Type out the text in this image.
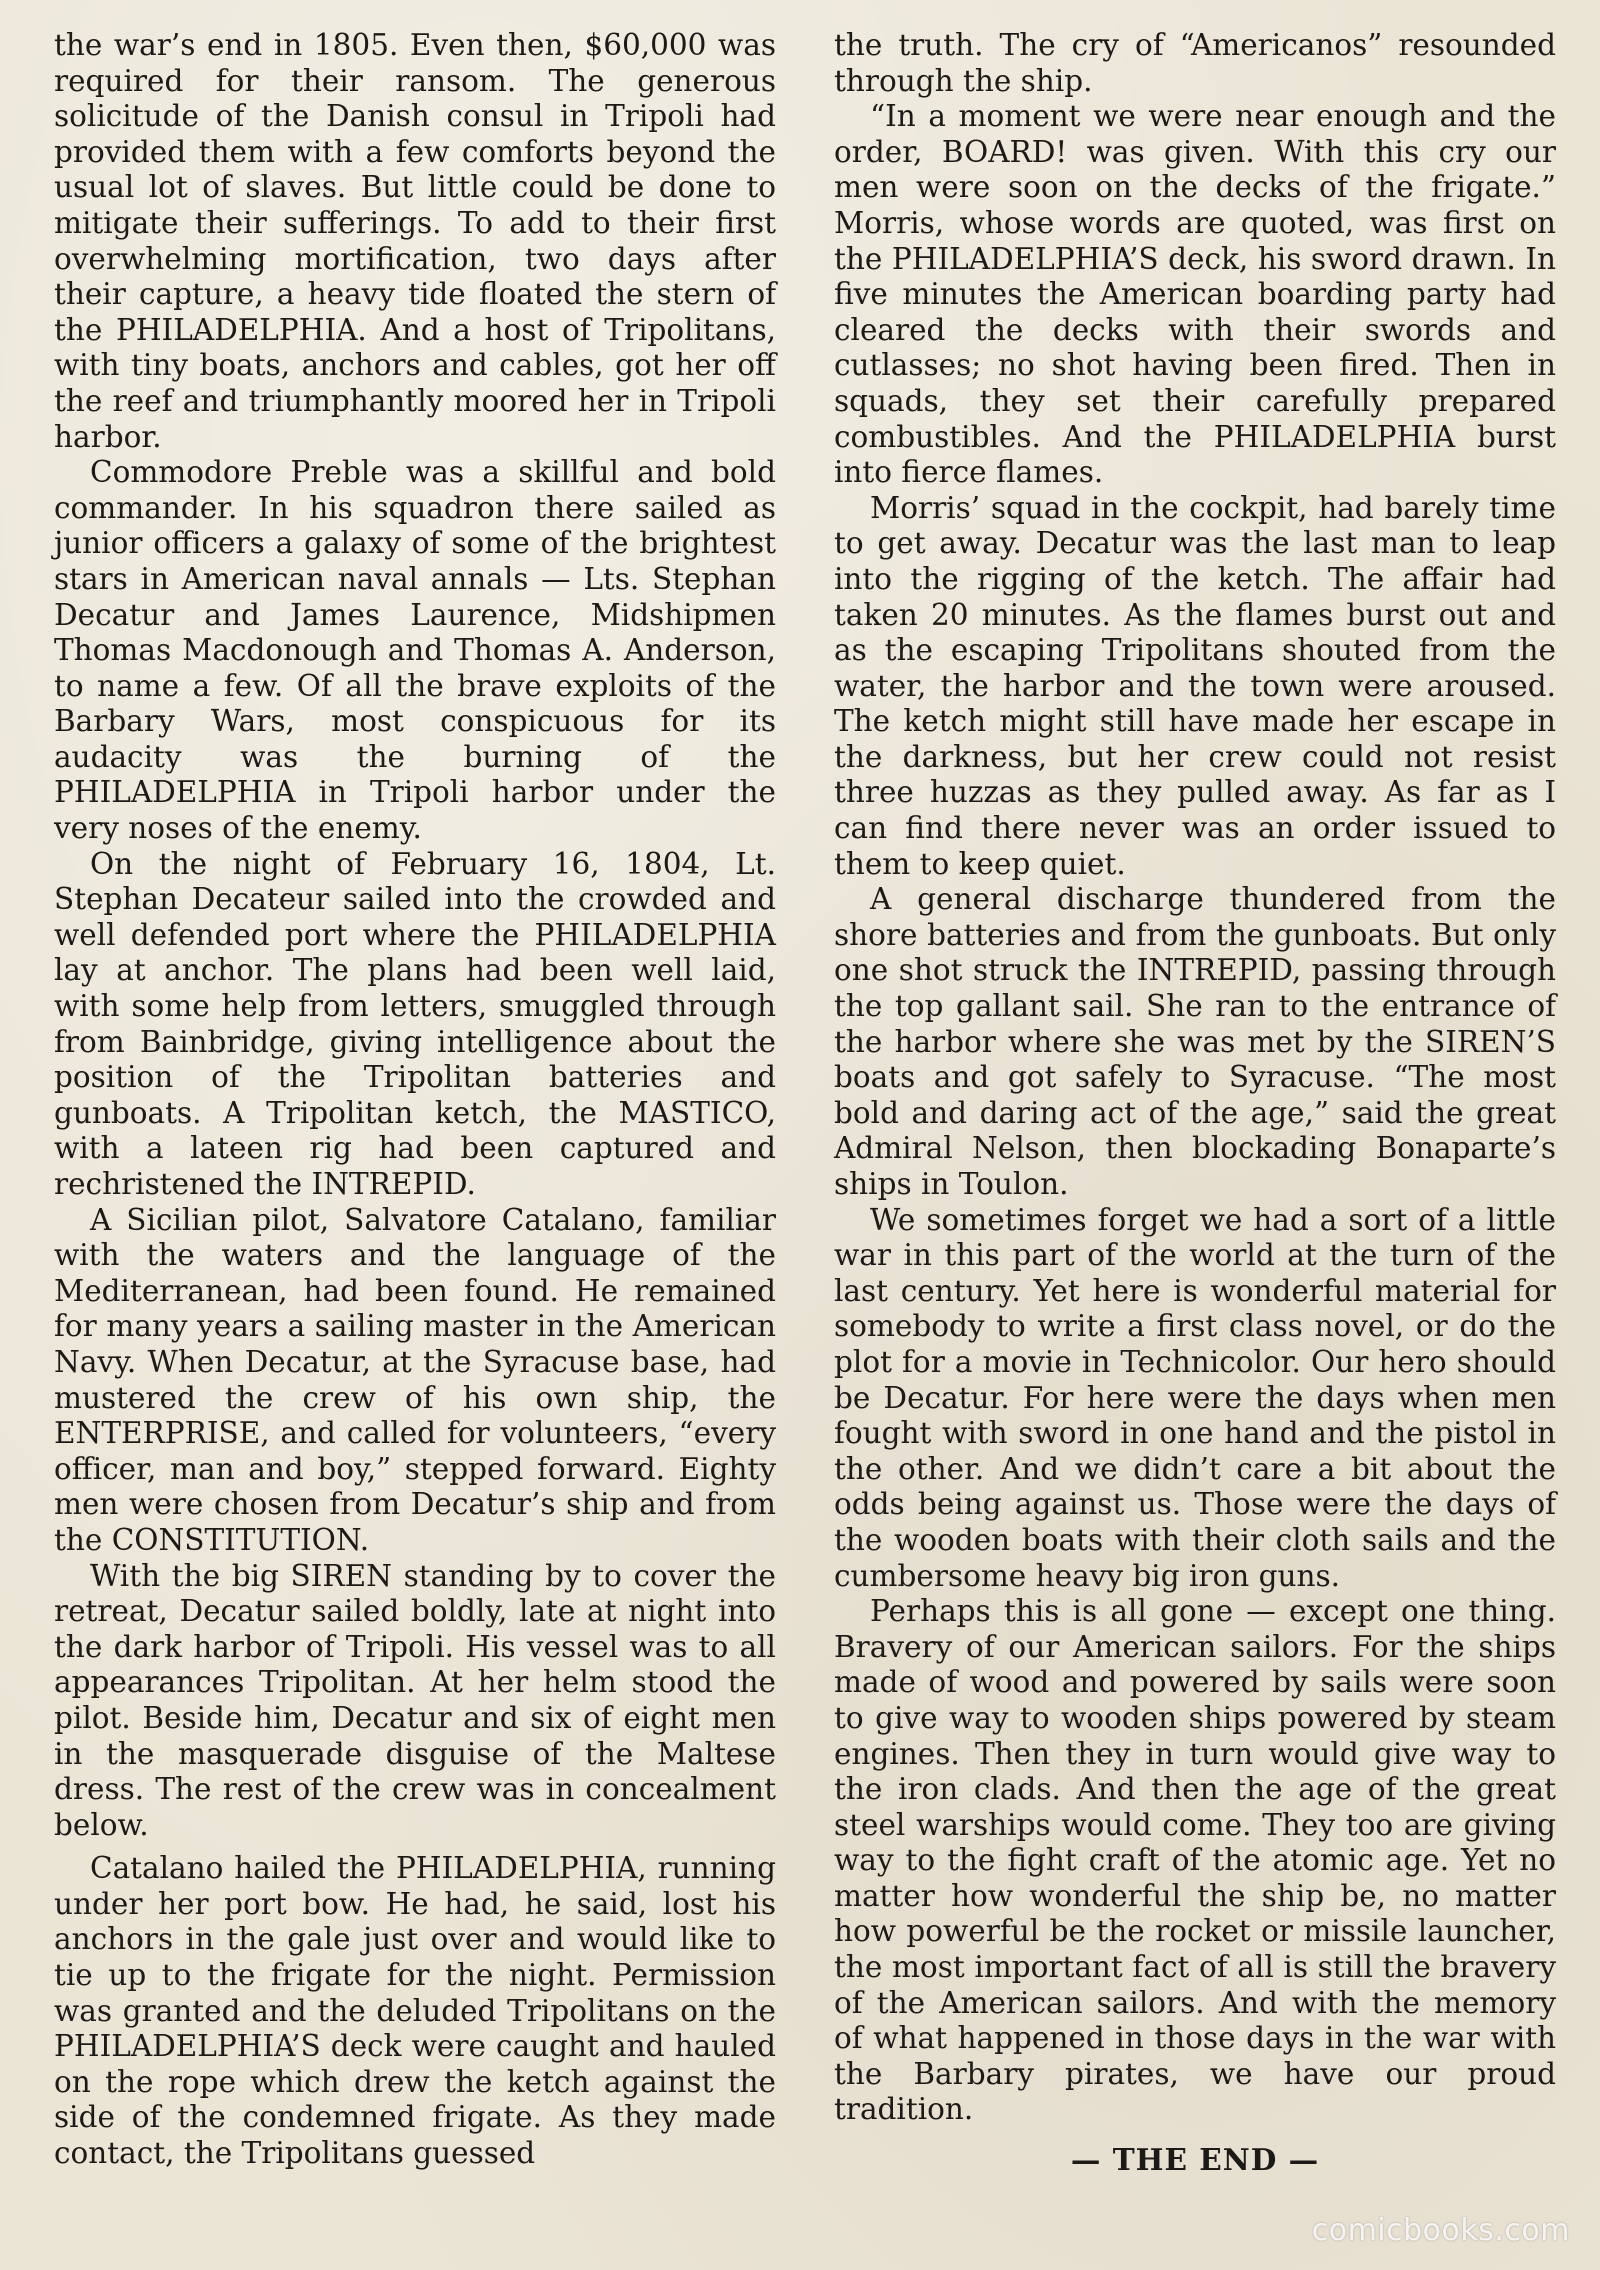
the war’s end in 1805. Even then, $60,000 was required for their ransom. The generous solicitude of the Danish consul in Tripoli had provided them with a few comforts beyond the usual lot of slaves. But little could be done to mitigate their sufferings. To add to their first overwhelming mortification, two days after their capture, a heavy tide floated the stern of the PHILADELPHIA. And a host of Tripolitans, with tiny boats, anchors and cables, got her off the reef and triumphantly moored her in Tripoli harbor.

Commodore Preble was a skillful and bold commander. In his squadron there sailed as junior officers a galaxy of some of the brightest stars in American naval annals — Lts. Stephan Decatur and James Laurence, Midshipmen Thomas Macdonough and Thomas A. Anderson, to name a few. Of all the brave exploits of the Barbary Wars, most conspicuous for its audacity was the burning of the PHILADELPHIA in Tripoli harbor under the very noses of the enemy.

On the night of February 16, 1804, Lt. Stephan Decateur sailed into the crowded and well defended port where the PHILADELPHIA lay at anchor. The plans had been well laid, with some help from letters, smuggled through from Bainbridge, giving intelligence about the position of the Tripolitan batteries and gunboats. A Tripolitan ketch, the MASTICO, with a lateen rig had been captured and rechristened the INTREPID.

A Sicilian pilot, Salvatore Catalano, familiar with the waters and the language of the Mediterranean, had been found. He remained for many years a sailing master in the American Navy. When Decatur, at the Syracuse base, had mustered the crew of his own ship, the ENTERPRISE, and called for volunteers, “every officer, man and boy,” stepped forward. Eighty men were chosen from Decatur’s ship and from the CONSTITUTION.

With the big SIREN standing by to cover the retreat, Decatur sailed boldly, late at night into the dark harbor of Tripoli. His vessel was to all appearances Tripolitan. At her helm stood the pilot. Beside him, Decatur and six of eight men in the masquerade disguise of the Maltese dress. The rest of the crew was in concealment below.

Catalano hailed the PHILADELPHIA, running under her port bow. He had, he said, lost his anchors in the gale just over and would like to tie up to the frigate for the night. Permission was granted and the deluded Tripolitans on the PHILADELPHIA’S deck were caught and hauled on the rope which drew the ketch against the side of the condemned frigate. As they made contact, the Tripolitans guessed

the truth. The cry of “Americanos” resounded through the ship.

“In a moment we were near enough and the order, BOARD! was given. With this cry our men were soon on the decks of the frigate.” Morris, whose words are quoted, was first on the PHILADELPHIA’S deck, his sword drawn. In five minutes the American boarding party had cleared the decks with their swords and cutlasses; no shot having been fired. Then in squads, they set their carefully prepared combustibles. And the PHILADELPHIA burst into fierce flames.

Morris’ squad in the cockpit, had barely time to get away. Decatur was the last man to leap into the rigging of the ketch. The affair had taken 20 minutes. As the flames burst out and as the escaping Tripolitans shouted from the water, the harbor and the town were aroused. The ketch might still have made her escape in the darkness, but her crew could not resist three huzzas as they pulled away. As far as I can find there never was an order issued to them to keep quiet.

A general discharge thundered from the shore batteries and from the gunboats. But only one shot struck the INTREPID, passing through the top gallant sail. She ran to the entrance of the harbor where she was met by the SIREN’S boats and got safely to Syracuse. “The most bold and daring act of the age,” said the great Admiral Nelson, then blockading Bonaparte’s ships in Toulon.

We sometimes forget we had a sort of a little war in this part of the world at the turn of the last century. Yet here is wonderful material for somebody to write a first class novel, or do the plot for a movie in Technicolor. Our hero should be Decatur. For here were the days when men fought with sword in one hand and the pistol in the other. And we didn’t care a bit about the odds being against us. Those were the days of the wooden boats with their cloth sails and the cumbersome heavy big iron guns.

Perhaps this is all gone — except one thing. Bravery of our American sailors. For the ships made of wood and powered by sails were soon to give way to wooden ships powered by steam engines. Then they in turn would give way to the iron clads. And then the age of the great steel warships would come. They too are giving way to the fight craft of the atomic age. Yet no matter how wonderful the ship be, no matter how powerful be the rocket or missile launcher, the most important fact of all is still the bravery of the American sailors. And with the memory of what happened in those days in the war with the Barbary pirates, we have our proud tradition.

— THE END —

comicbooks.com
